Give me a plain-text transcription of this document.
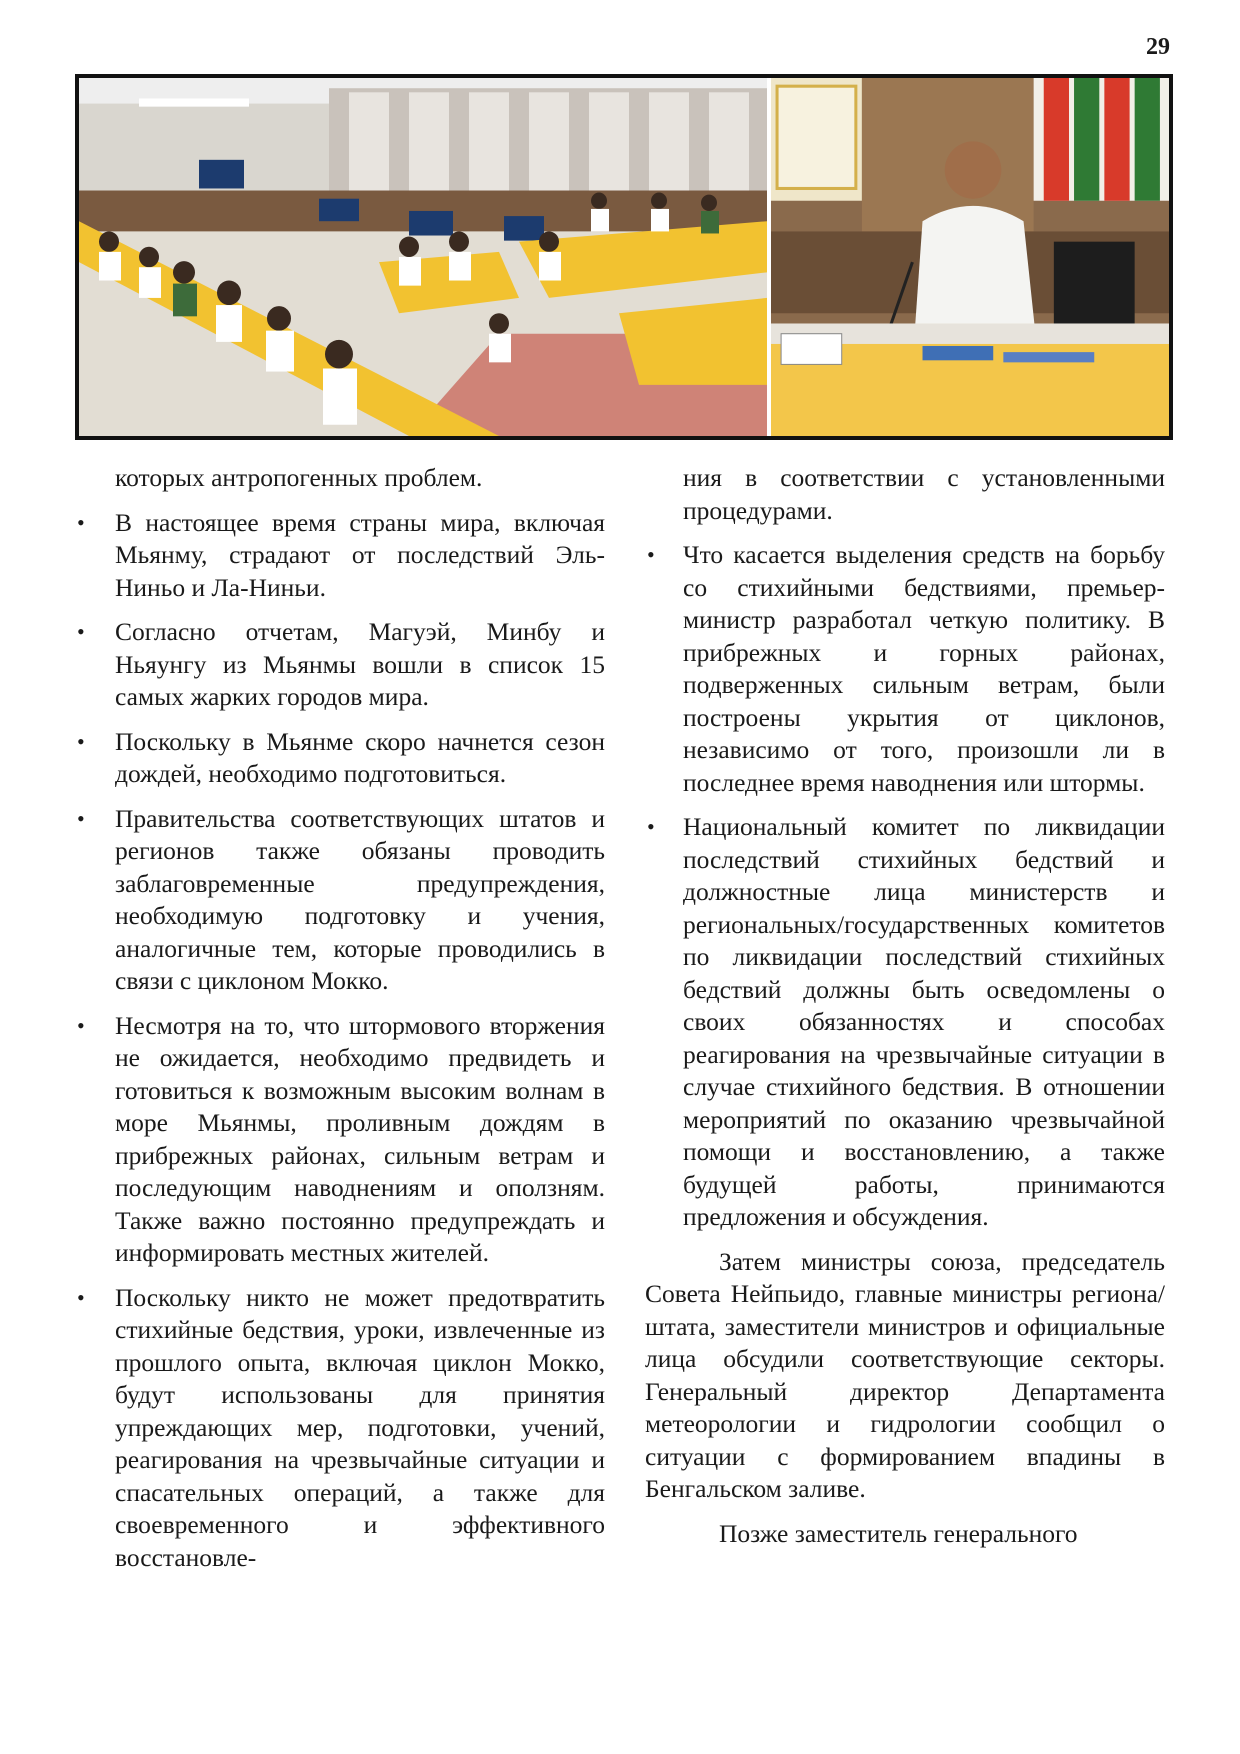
29

которых антропогенных проблем.

• В настоящее время страны мира, включая Мьянму, страдают от последствий Эль-Ниньо и Ла-Ниньи.
• Согласно отчетам, Магуэй, Минбу и Ньяунгу из Мьянмы вошли в список 15 самых жарких городов мира.
• Поскольку в Мьянме скоро начнется сезон дождей, необходимо подготовиться.
• Правительства соответствующих штатов и регионов также обязаны проводить заблаговременные предупреждения, необходимую подготовку и учения, аналогичные тем, которые проводились в связи с циклоном Мокко.
• Несмотря на то, что штормового вторжения не ожидается, необходимо предвидеть и готовиться к возможным высоким волнам в море Мьянмы, проливным дождям в прибрежных районах, сильным ветрам и последующим наводнениям и оползням. Также важно постоянно предупреждать и информировать местных жителей.
• Поскольку никто не может предотвратить стихийные бедствия, уроки, извлеченные из прошлого опыта, включая циклон Мокко, будут использованы для принятия упреждающих мер, подготовки, учений, реагирования на чрезвычайные ситуации и спасательных операций, а также для своевременного и эффективного восстановле-

ния в соответствии с установленными процедурами.

• Что касается выделения средств на борьбу со стихийными бедствиями, премьер-министр разработал четкую политику. В прибрежных и горных районах, подверженных сильным ветрам, были построены укрытия от циклонов, независимо от того, произошли ли в последнее время наводнения или штормы.
• Национальный комитет по ликвидации последствий стихийных бедствий и должностные лица министерств и региональных/государственных комитетов по ликвидации последствий стихийных бедствий должны быть осведомлены о своих обязанностях и способах реагирования на чрезвычайные ситуации в случае стихийного бедствия. В отношении мероприятий по оказанию чрезвычайной помощи и восстановлению, а также будущей работы, принимаются предложения и обсуждения.

Затем министры союза, председатель Совета Нейпьидо, главные министры региона/штата, заместители министров и официальные лица обсудили соответствующие секторы. Генеральный директор Департамента метеорологии и гидрологии сообщил о ситуации с формированием впадины в Бенгальском заливе.

Позже заместитель генерального
